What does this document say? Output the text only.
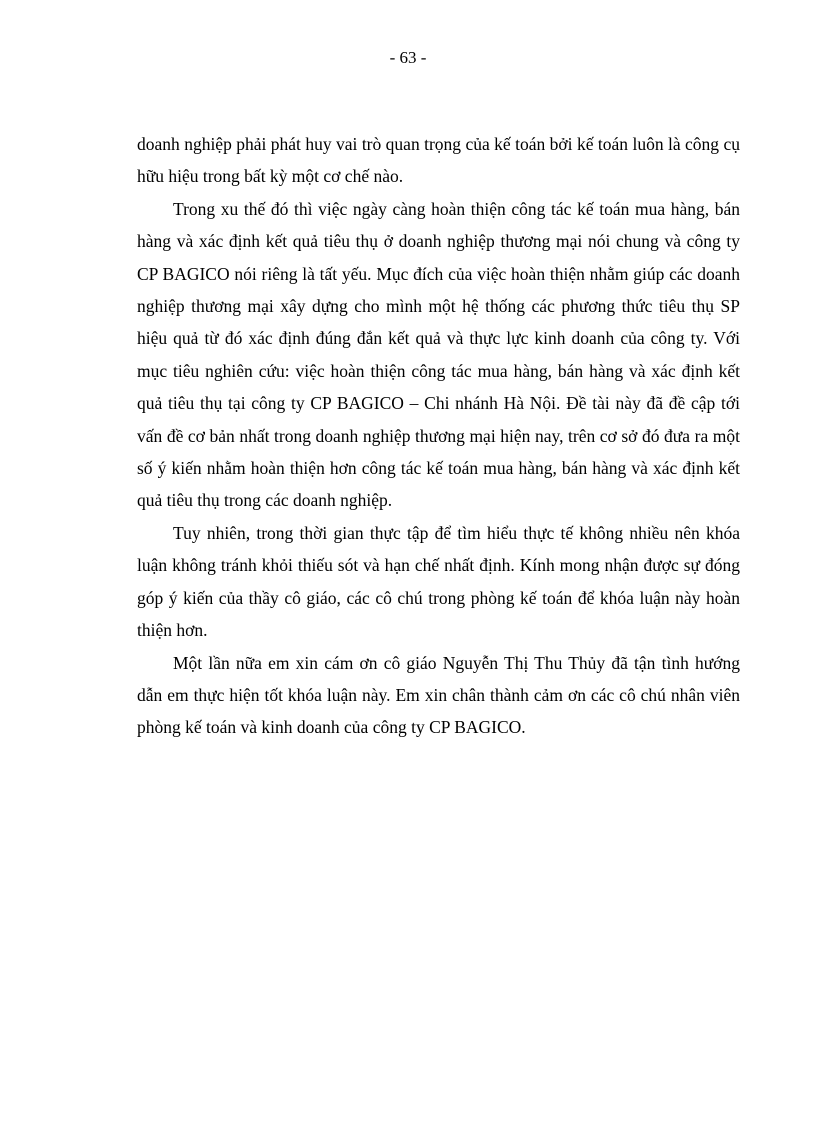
- 63 -

doanh nghiệp phải phát huy vai trò quan trọng của kế toán bởi kế toán luôn là công cụ hữu hiệu trong bất kỳ một cơ chế nào.

Trong xu thế đó thì việc ngày càng hoàn thiện công tác kế toán mua hàng, bán hàng và xác định kết quả tiêu thụ ở doanh nghiệp thương mại nói chung và công ty CP BAGICO nói riêng là tất yếu. Mục đích của việc hoàn thiện nhằm giúp các doanh nghiệp thương mại xây dựng cho mình một hệ thống các phương thức tiêu thụ SP hiệu quả từ đó xác định đúng đắn kết quả và thực lực kinh doanh của công ty. Với mục tiêu nghiên cứu: việc hoàn thiện công tác mua hàng, bán hàng và xác định kết quả tiêu thụ tại công ty CP BAGICO – Chi nhánh Hà Nội. Đề tài này đã đề cập tới vấn đề cơ bản nhất trong doanh nghiệp thương mại hiện nay, trên cơ sở đó đưa ra một số ý kiến nhằm hoàn thiện hơn công tác kế toán mua hàng, bán hàng và xác định kết quả tiêu thụ trong các doanh nghiệp.

Tuy nhiên, trong thời gian thực tập để tìm hiểu thực tế không nhiều nên khóa luận không tránh khỏi thiếu sót và hạn chế nhất định. Kính mong nhận được sự đóng góp ý kiến của thầy cô giáo, các cô chú trong phòng kế toán để khóa luận này hoàn thiện hơn.

Một lần nữa em xin cám ơn cô giáo Nguyễn Thị Thu Thủy đã tận tình hướng dẫn em thực hiện tốt khóa luận này. Em xin chân thành cảm ơn các cô chú nhân viên phòng kế toán và kinh doanh của công ty CP BAGICO.
